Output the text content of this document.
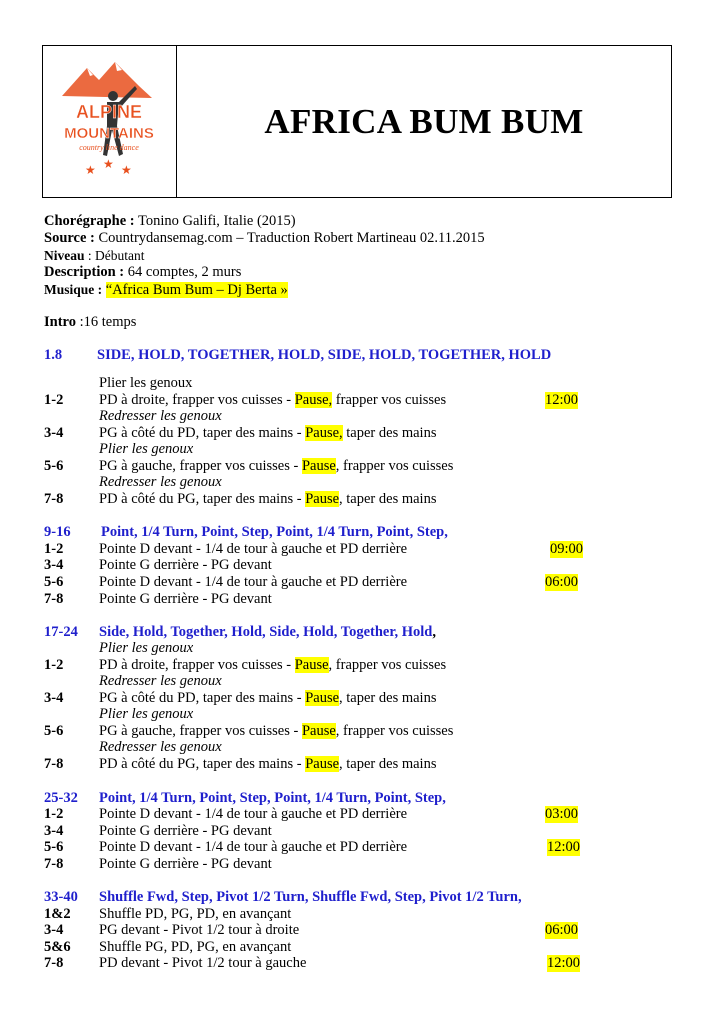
ALPINE
MOUNTAINS
country line dance
★ ★ ★
AFRICA BUM BUM
Chorégraphe : Tonino Galifi, Italie (2015)
Source : Countrydansemag.com – Traduction Robert Martineau 02.11.2015
Niveau : Débutant
Description : 64 comptes, 2 murs
Musique : “Africa Bum Bum – Dj Berta »
Intro :16 temps
1.8 SIDE, HOLD, TOGETHER, HOLD, SIDE, HOLD, TOGETHER, HOLD
Plier les genoux
1-2 PD à droite, frapper vos cuisses - Pause, frapper vos cuisses	12:00
Redresser les genoux
3-4 PG à côté du PD, taper des mains - Pause, taper des mains
Plier les genoux
5-6 PG à gauche, frapper vos cuisses - Pause, frapper vos cuisses
Redresser les genoux
7-8 PD à côté du PG, taper des mains - Pause, taper des mains
9-16 Point, 1/4 Turn, Point, Step, Point, 1/4 Turn, Point, Step,
1-2 Pointe D devant - 1/4 de tour à gauche et PD derrière	09:00
3-4 Pointe G derrière - PG devant
5-6 Pointe D devant - 1/4 de tour à gauche et PD derrière	06:00
7-8 Pointe G derrière - PG devant
17-24 Side, Hold, Together, Hold, Side, Hold, Together, Hold,
Plier les genoux
1-2 PD à droite, frapper vos cuisses - Pause, frapper vos cuisses
Redresser les genoux
3-4 PG à côté du PD, taper des mains - Pause, taper des mains
Plier les genoux
5-6 PG à gauche, frapper vos cuisses - Pause, frapper vos cuisses
Redresser les genoux
7-8 PD à côté du PG, taper des mains - Pause, taper des mains
25-32 Point, 1/4 Turn, Point, Step, Point, 1/4 Turn, Point, Step,
1-2 Pointe D devant - 1/4 de tour à gauche et PD derrière	03:00
3-4 Pointe G derrière - PG devant
5-6 Pointe D devant - 1/4 de tour à gauche et PD derrière	12:00
7-8 Pointe G derrière - PG devant
33-40 Shuffle Fwd, Step, Pivot 1/2 Turn, Shuffle Fwd, Step, Pivot 1/2 Turn,
1&2 Shuffle PD, PG, PD, en avançant
3-4 PG devant - Pivot 1/2 tour à droite	06:00
5&6 Shuffle PG, PD, PG, en avançant
7-8 PD devant - Pivot 1/2 tour à gauche	12:00
